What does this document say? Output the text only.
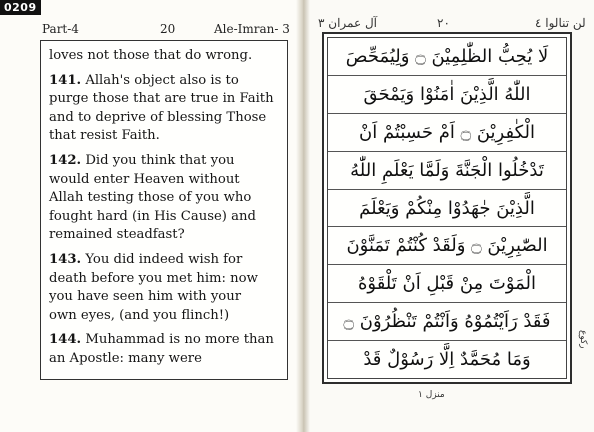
0209
Part-4	20	Ale-Imran- 3
loves not those that do wrong.
141. Allah's object also is to
purge those that are true in Faith
and to deprive of blessing Those
that resist Faith.
142. Did you think that you
would enter Heaven without
Allah testing those of you who
fought hard (in His Cause) and
remained steadfast?
143. You did indeed wish for
death before you met him: now
you have seen him with your
own eyes, (and you flinch!)
144. Muhammad is no more than
an Apostle: many were
آل عمران ٣	٢٠	لن تنالوا ٤
لَا يُحِبُّ الظّٰلِمِيْنَ ۝ وَلِيُمَحِّصَ
اللّٰهُ الَّذِيْنَ اٰمَنُوْا وَيَمْحَقَ
الْكٰفِرِيْنَ ۝ اَمْ حَسِبْتُمْ اَنْ
تَدْخُلُوا الْجَنَّةَ وَلَمَّا يَعْلَمِ اللّٰهُ
الَّذِيْنَ جٰهَدُوْا مِنْكُمْ وَيَعْلَمَ
الصّٰبِرِيْنَ ۝ وَلَقَدْ كُنْتُمْ تَمَنَّوْنَ
الْمَوْتَ مِنْ قَبْلِ اَنْ تَلْقَوْهُ
فَقَدْ رَاَيْتُمُوْهُ وَاَنْتُمْ تَنْظُرُوْنَ ۝
وَمَا مُحَمَّدٌ اِلَّا رَسُوْلٌ قَدْ
ركوع
منزل ١
